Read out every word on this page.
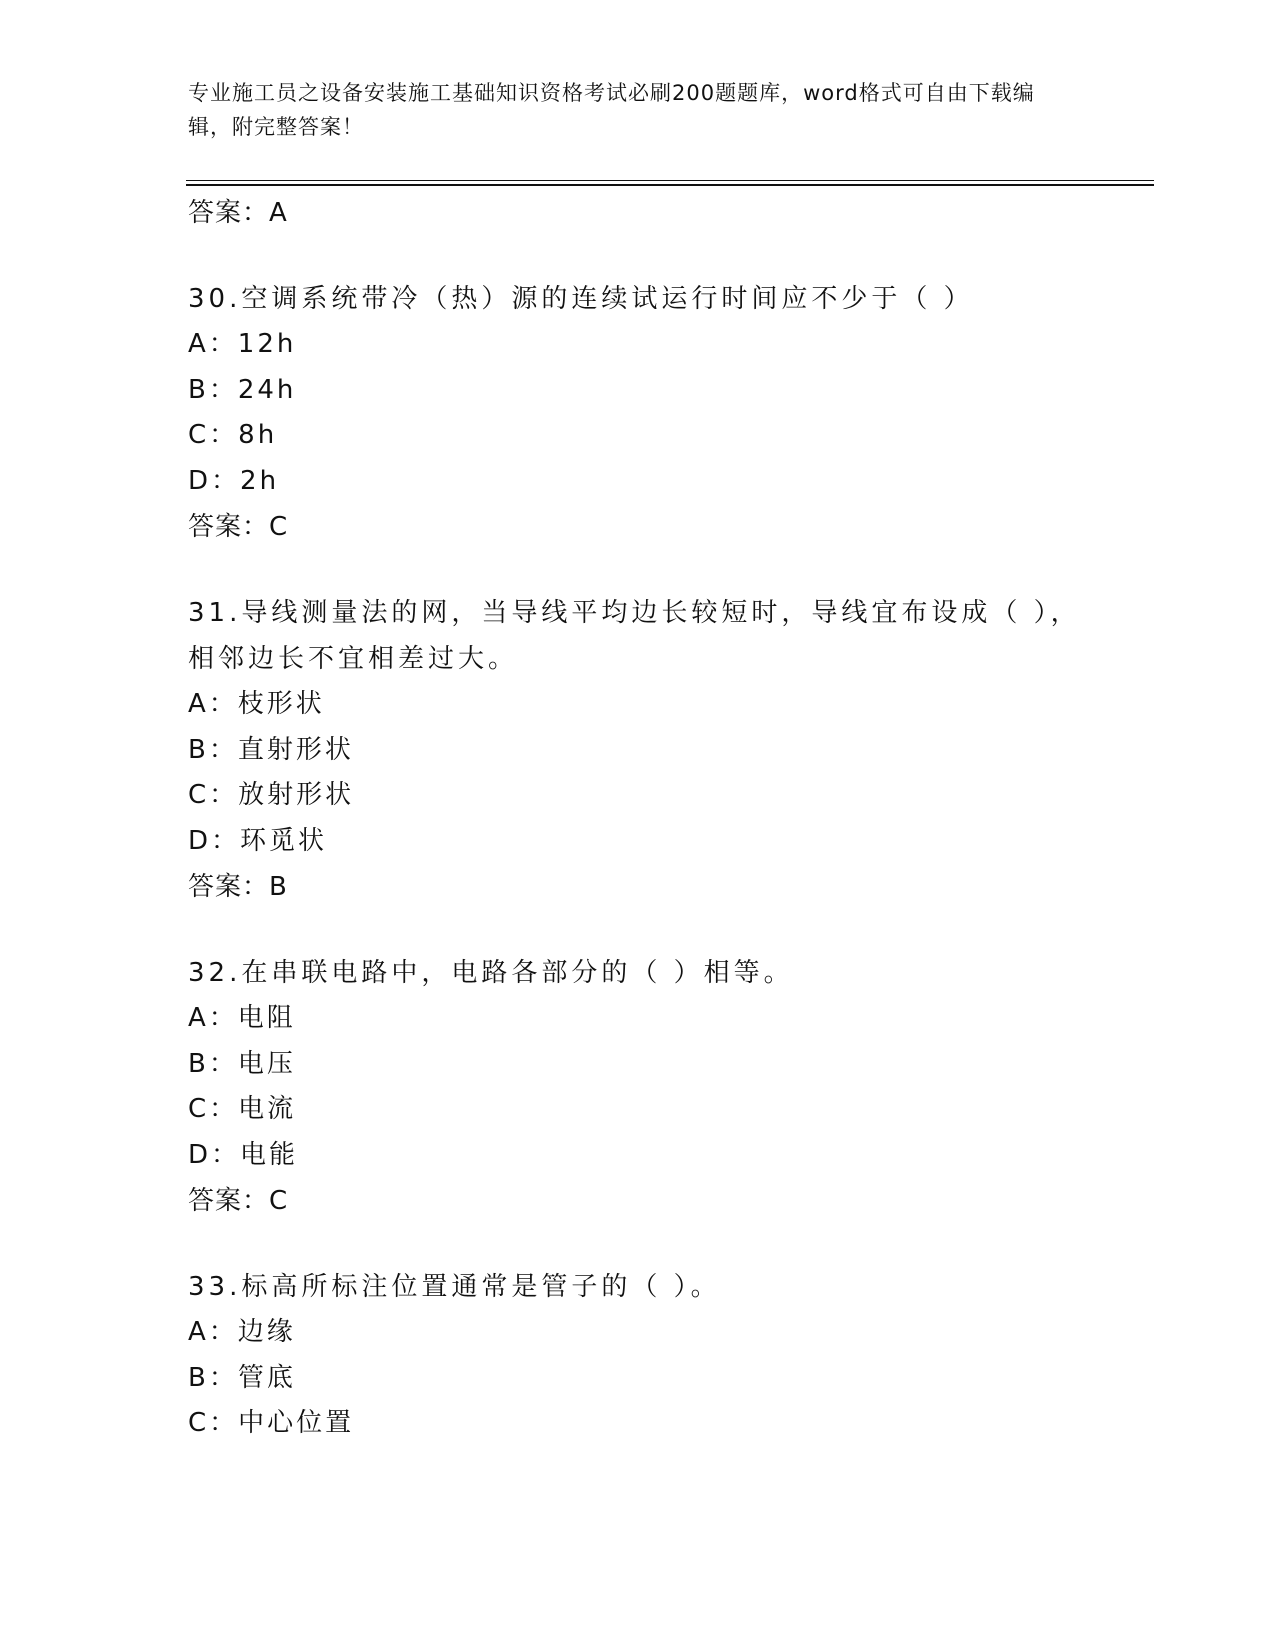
专业施工员之设备安装施工基础知识资格考试必刷200题题库，word格式可自由下载编辑，附完整答案！
答案：A
30.空调系统带冷（热）源的连续试运行时间应不少于（ ）
A：12h
B：24h
C：8h
D：2h
答案：C
31.导线测量法的网，当导线平均边长较短时，导线宜布设成（ ），相邻边长不宜相差过大。
A：枝形状
B：直射形状
C：放射形状
D：环觅状
答案：B
32.在串联电路中，电路各部分的（ ）相等。
A：电阻
B：电压
C：电流
D：电能
答案：C
33.标高所标注位置通常是管子的（ ）。
A：边缘
B：管底
C：中心位置
